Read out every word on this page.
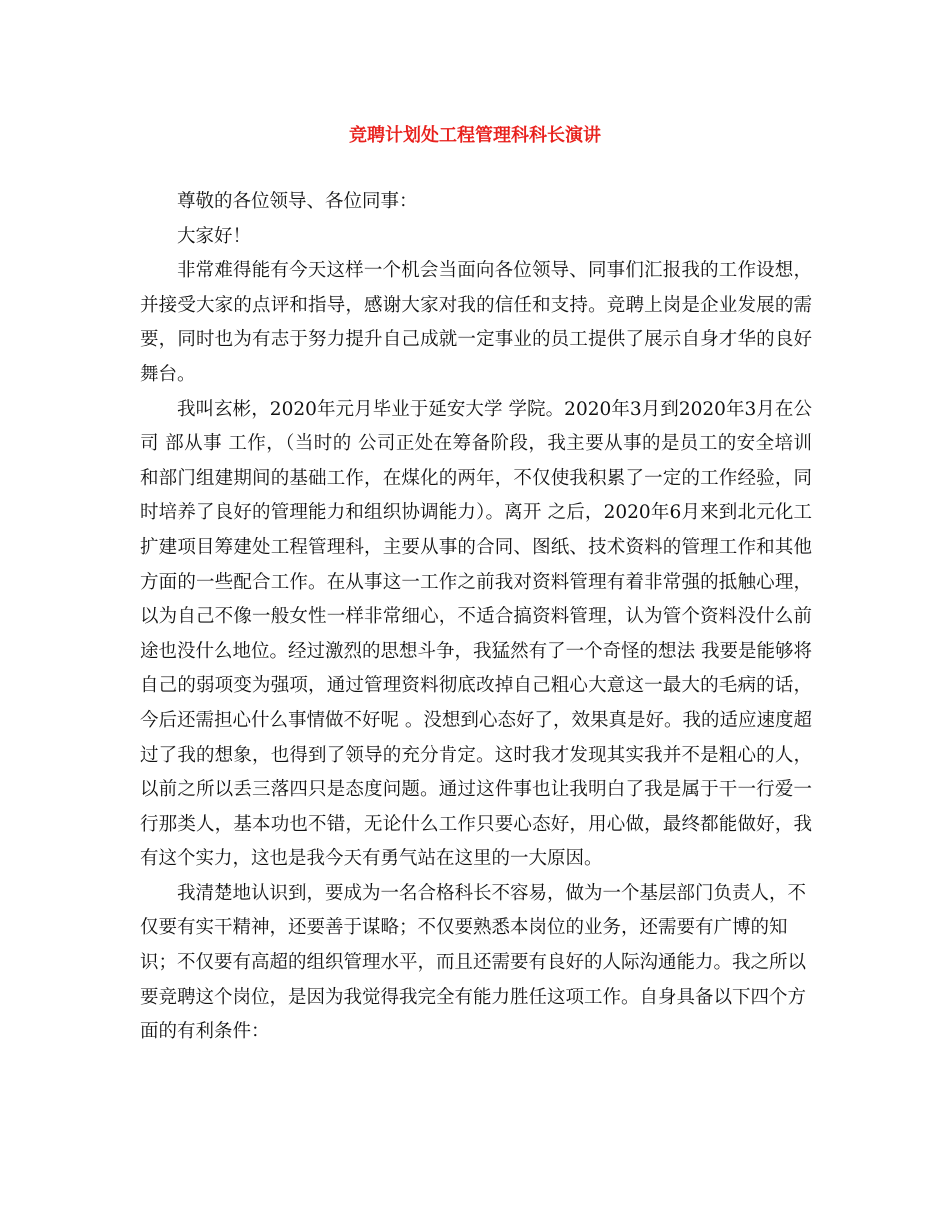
竞聘计划处工程管理科科长演讲

尊敬的各位领导、各位同事：

大家好！

非常难得能有今天这样一个机会当面向各位领导、同事们汇报我的工作设想，并接受大家的点评和指导，感谢大家对我的信任和支持。竞聘上岗是企业发展的需要，同时也为有志于努力提升自己成就一定事业的员工提供了展示自身才华的良好舞台。

我叫玄彬，2020年元月毕业于延安大学 学院。2020年3月到2020年3月在公司 部从事 工作，（当时的 公司正处在筹备阶段，我主要从事的是员工的安全培训和部门组建期间的基础工作，在煤化的两年，不仅使我积累了一定的工作经验，同时培养了良好的管理能力和组织协调能力）。离开 之后，2020年6月来到北元化工扩建项目筹建处工程管理科，主要从事的合同、图纸、技术资料的管理工作和其他方面的一些配合工作。在从事这一工作之前我对资料管理有着非常强的抵触心理，以为自己不像一般女性一样非常细心，不适合搞资料管理，认为管个资料没什么前途也没什么地位。经过激烈的思想斗争，我猛然有了一个奇怪的想法 我要是能够将自己的弱项变为强项，通过管理资料彻底改掉自己粗心大意这一最大的毛病的话，今后还需担心什么事情做不好呢 。没想到心态好了，效果真是好。我的适应速度超过了我的想象，也得到了领导的充分肯定。这时我才发现其实我并不是粗心的人，以前之所以丢三落四只是态度问题。通过这件事也让我明白了我是属于干一行爱一行那类人，基本功也不错，无论什么工作只要心态好，用心做，最终都能做好，我有这个实力，这也是我今天有勇气站在这里的一大原因。

我清楚地认识到，要成为一名合格科长不容易，做为一个基层部门负责人，不仅要有实干精神，还要善于谋略；不仅要熟悉本岗位的业务，还需要有广博的知识；不仅要有高超的组织管理水平，而且还需要有良好的人际沟通能力。我之所以要竞聘这个岗位，是因为我觉得我完全有能力胜任这项工作。自身具备以下四个方面的有利条件：
